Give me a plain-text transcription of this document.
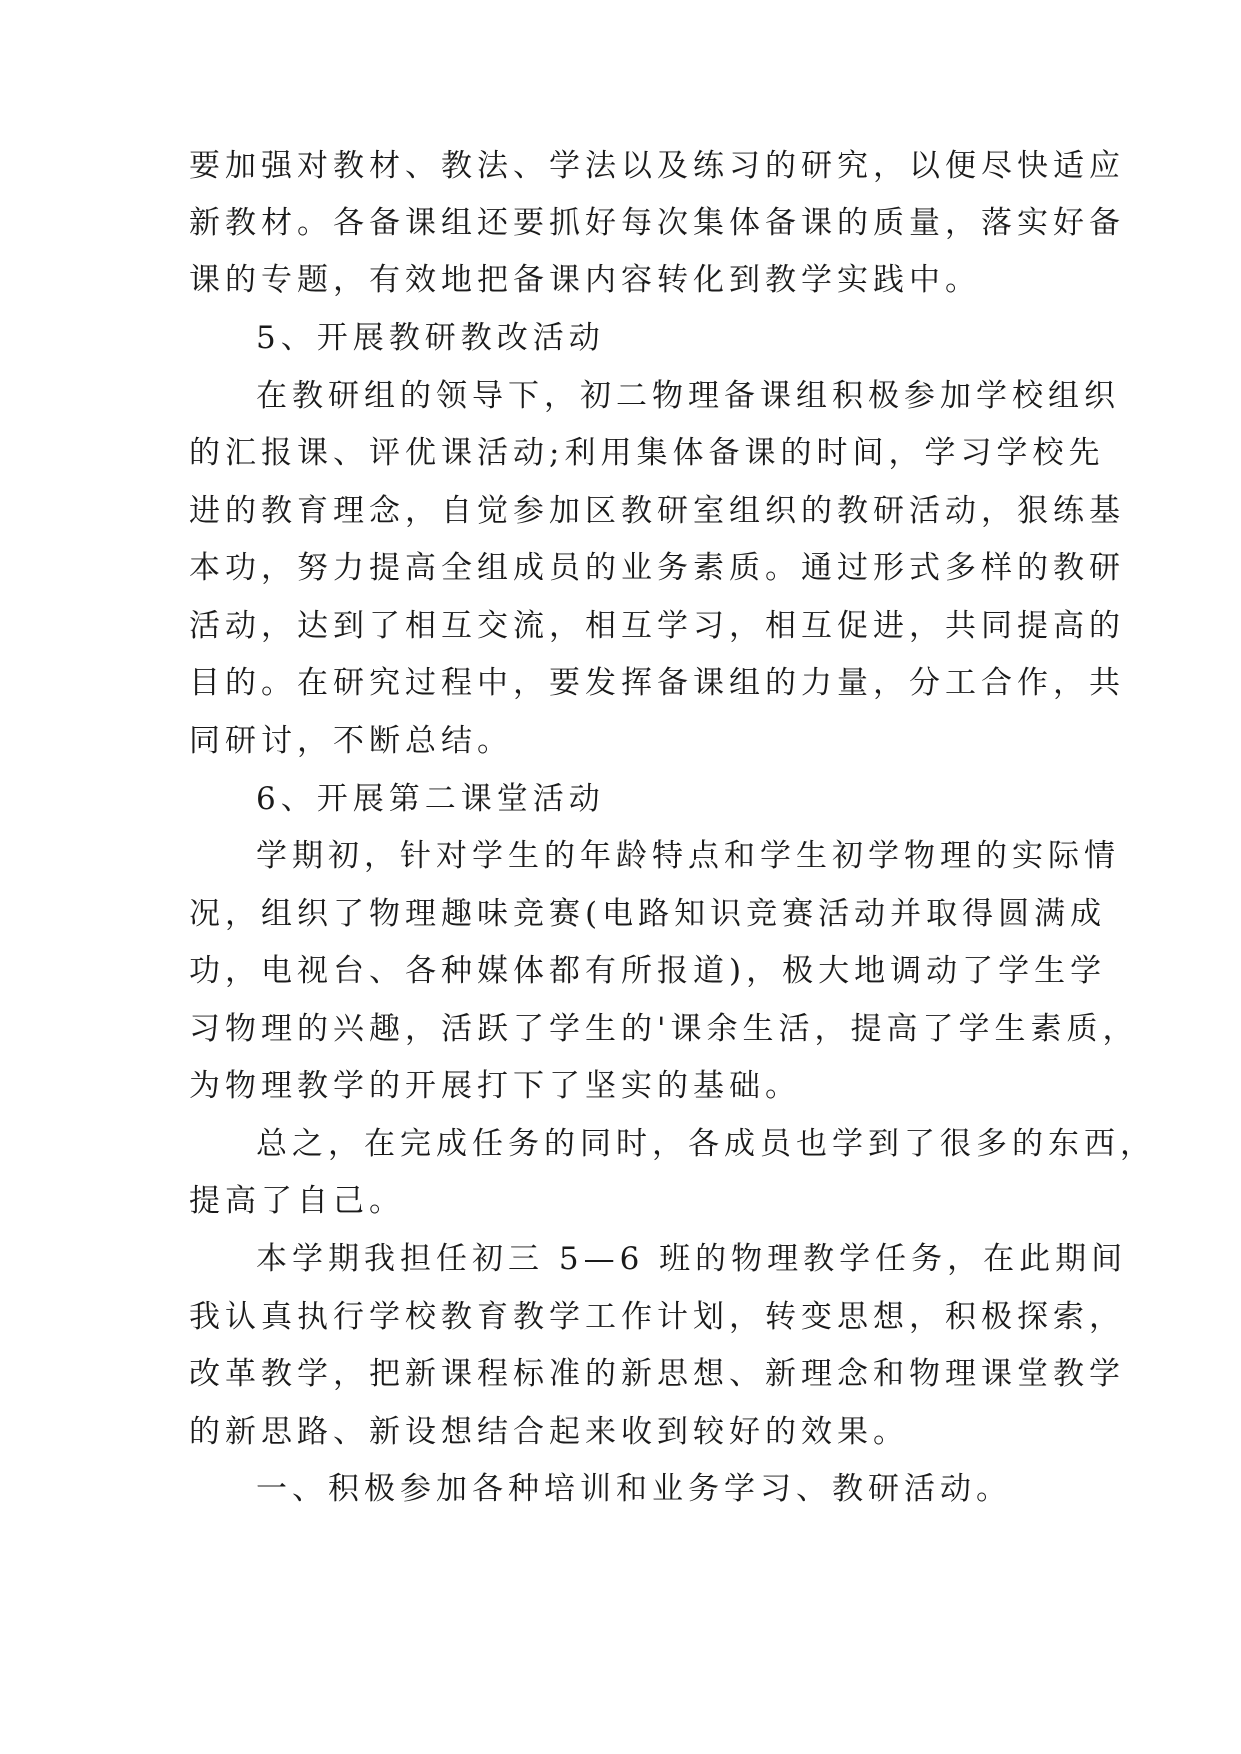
要加强对教材、教法、学法以及练习的研究，以便尽快适应

新教材。各备课组还要抓好每次集体备课的质量，落实好备

课的专题，有效地把备课内容转化到教学实践中。

5、开展教研教改活动

在教研组的领导下，初二物理备课组积极参加学校组织

的汇报课、评优课活动;利用集体备课的时间，学习学校先

进的教育理念，自觉参加区教研室组织的教研活动，狠练基

本功，努力提高全组成员的业务素质。通过形式多样的教研

活动，达到了相互交流，相互学习，相互促进，共同提高的

目的。在研究过程中，要发挥备课组的力量，分工合作，共

同研讨，不断总结。

6、开展第二课堂活动

学期初，针对学生的年龄特点和学生初学物理的实际情

况，组织了物理趣味竞赛(电路知识竞赛活动并取得圆满成

功，电视台、各种媒体都有所报道)，极大地调动了学生学

习物理的兴趣，活跃了学生的'课余生活，提高了学生素质，

为物理教学的开展打下了坚实的基础。

总之，在完成任务的同时，各成员也学到了很多的东西，

提高了自己。

本学期我担任初三 5—6 班的物理教学任务，在此期间

我认真执行学校教育教学工作计划，转变思想，积极探索，

改革教学，把新课程标准的新思想、新理念和物理课堂教学

的新思路、新设想结合起来收到较好的效果。

一、积极参加各种培训和业务学习、教研活动。
